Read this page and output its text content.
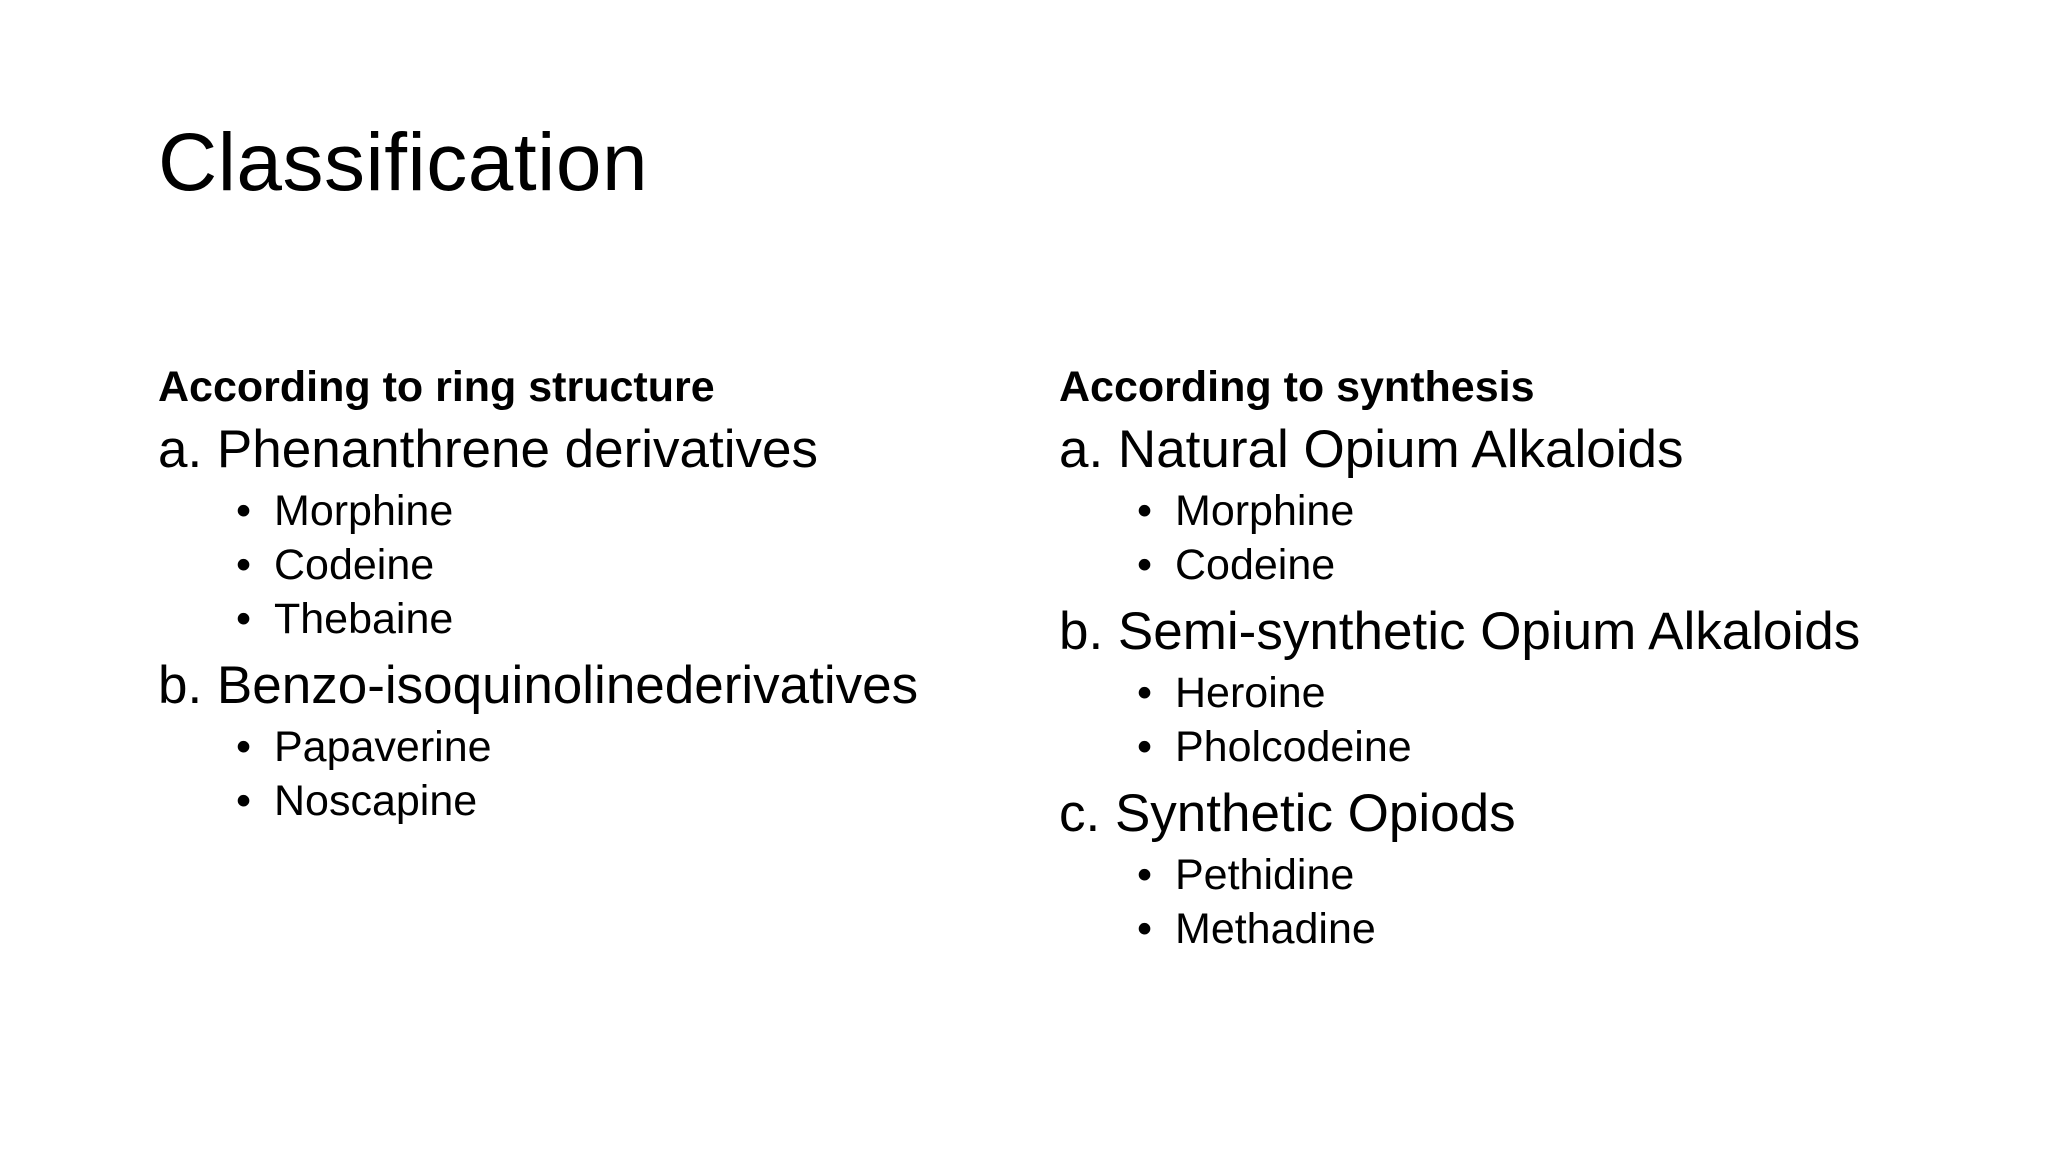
Classification

According to ring structure

a. Phenanthrene derivatives

• Morphine
• Codeine
• Thebaine

b. Benzo-isoquinolinederivatives

• Papaverine
• Noscapine

According to synthesis

a. Natural Opium Alkaloids

• Morphine
• Codeine

b. Semi-synthetic Opium Alkaloids

• Heroine
• Pholcodeine

c. Synthetic Opiods

• Pethidine
• Methadine
